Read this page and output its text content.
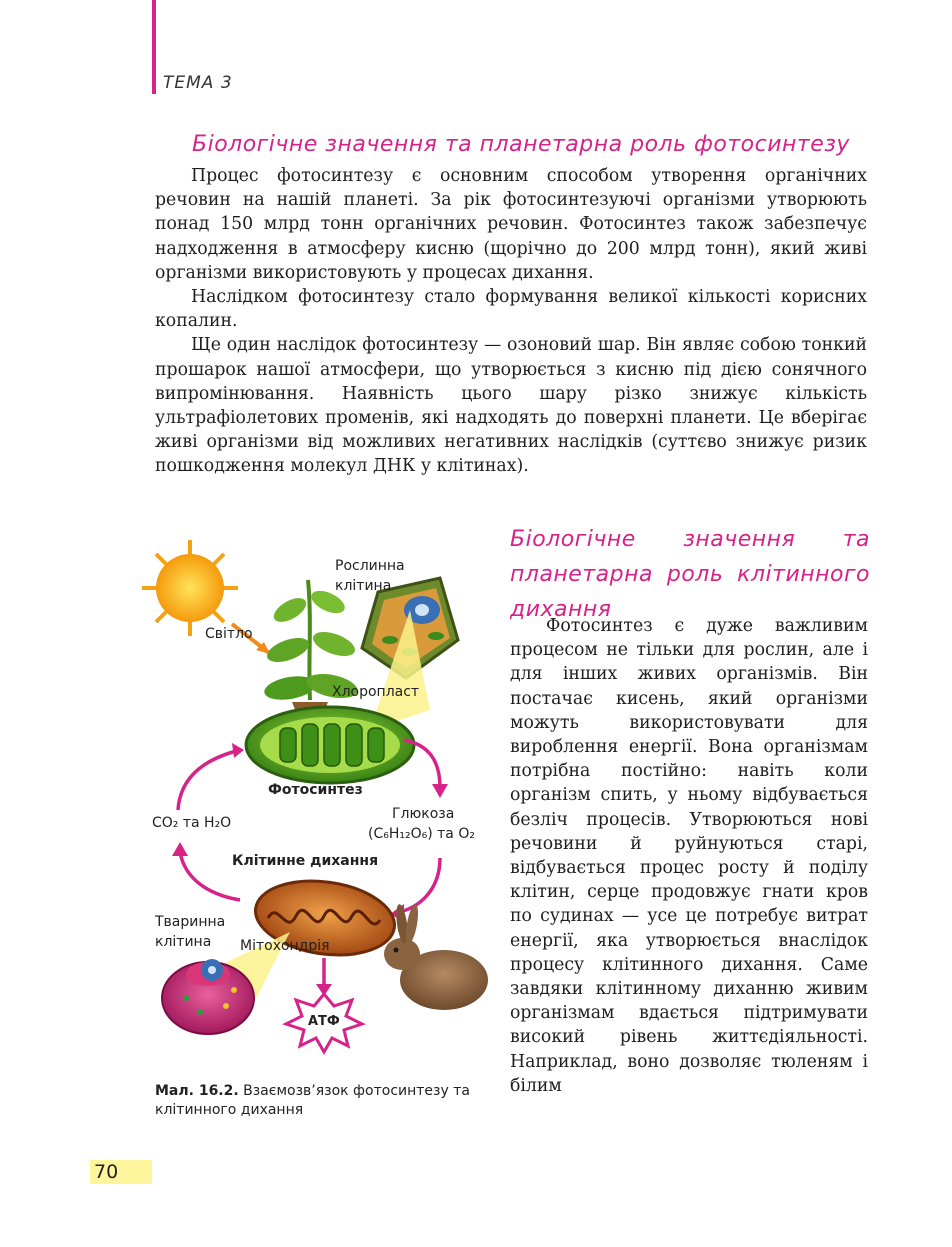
ТЕМА 3
Біологічне значення та планетарна роль фотосинтезу

Процес фотосинтезу є основним способом утворення органічних речовин на нашій планеті. За рік фотосинтезуючі організми утворюють понад 150 млрд тонн органічних речовин. Фотосинтез також забезпечує надходження в атмосферу кисню (щорічно до 200 млрд тонн), який живі організми використовують у процесах дихання.

Наслідком фотосинтезу стало формування великої кількості корисних копалин.

Ще один наслідок фотосинтезу — озоновий шар. Він являє собою тонкий прошарок нашої атмосфери, що утворюється з кисню під дією сонячного випромінювання. Наявність цього шару різко знижує кількість ультрафіолетових променів, які надходять до поверхні планети. Це вберігає живі організми від можливих негативних наслідків (суттєво знижує ризик пошкодження молекул ДНК у клітинах).

Рослинна
клітина
Світло
Хлоропласт
Фотосинтез
CO₂ та H₂O
Глюкоза
(C₆H₁₂O₆) та O₂
Клітинне дихання
Тваринна
клітина Мітохондрія
АТФ
Мал. 16.2. Взаємозв’язок фотосинтезу та клітинного дихання
Біологічне значення та планетарна роль клітинного дихання

Фотосинтез є дуже важливим процесом не тільки для рослин, але і для інших живих організмів. Він постачає кисень, який організми можуть використовувати для вироблення енергії. Вона організмам потрібна постійно: навіть коли організм спить, у ньому відбувається безліч процесів. Утворюються нові речовини й руйнуються старі, відбувається процес росту й поділу клітин, серце продовжує гнати кров по судинах — усе це потребує витрат енергії, яка утворюється внаслідок процесу клітинного дихання. Саме завдяки клітинному диханню живим організмам вдається підтримувати високий рівень життєдіяльності. Наприклад, воно дозволяє тюленям і білим

70
